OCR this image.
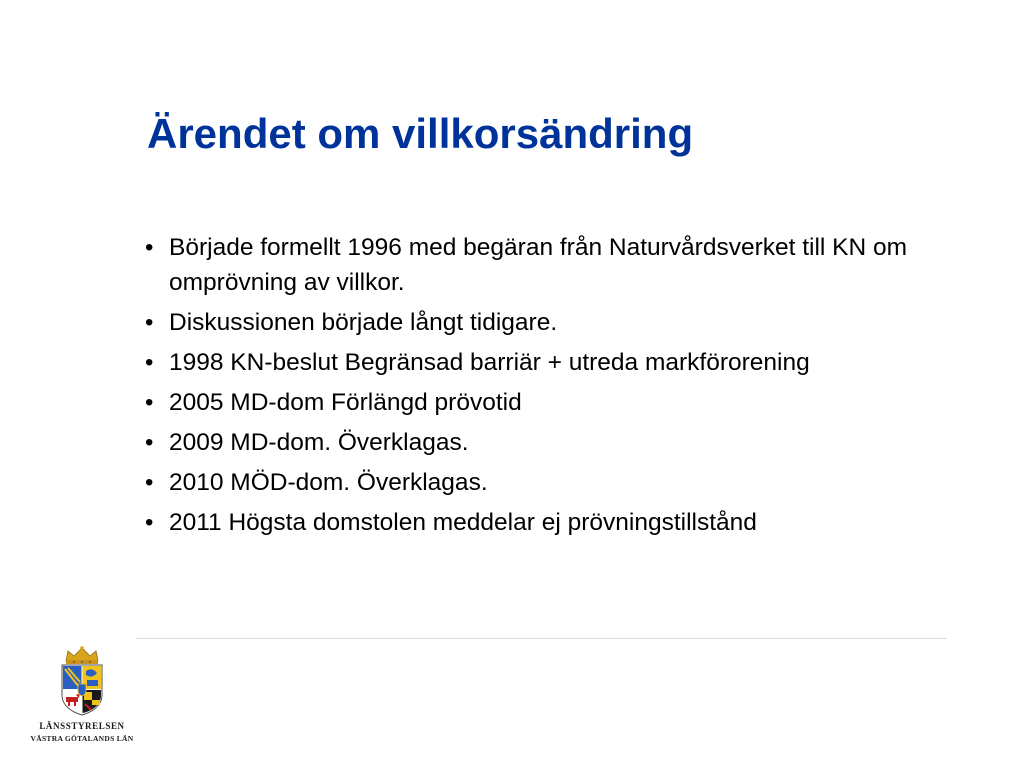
Ärendet om villkorsändring
• Började formellt 1996 med begäran från Naturvårdsverket till KN om omprövning av villkor.
• Diskussionen började långt tidigare.
• 1998 KN-beslut Begränsad barriär + utreda markförorening
• 2005 MD-dom Förlängd prövotid
• 2009 MD-dom. Överklagas.
• 2010 MÖD-dom. Överklagas.
• 2011 Högsta domstolen meddelar ej prövningstillstånd
LÄNSSTYRELSEN
VÄSTRA GÖTALANDS LÄN
